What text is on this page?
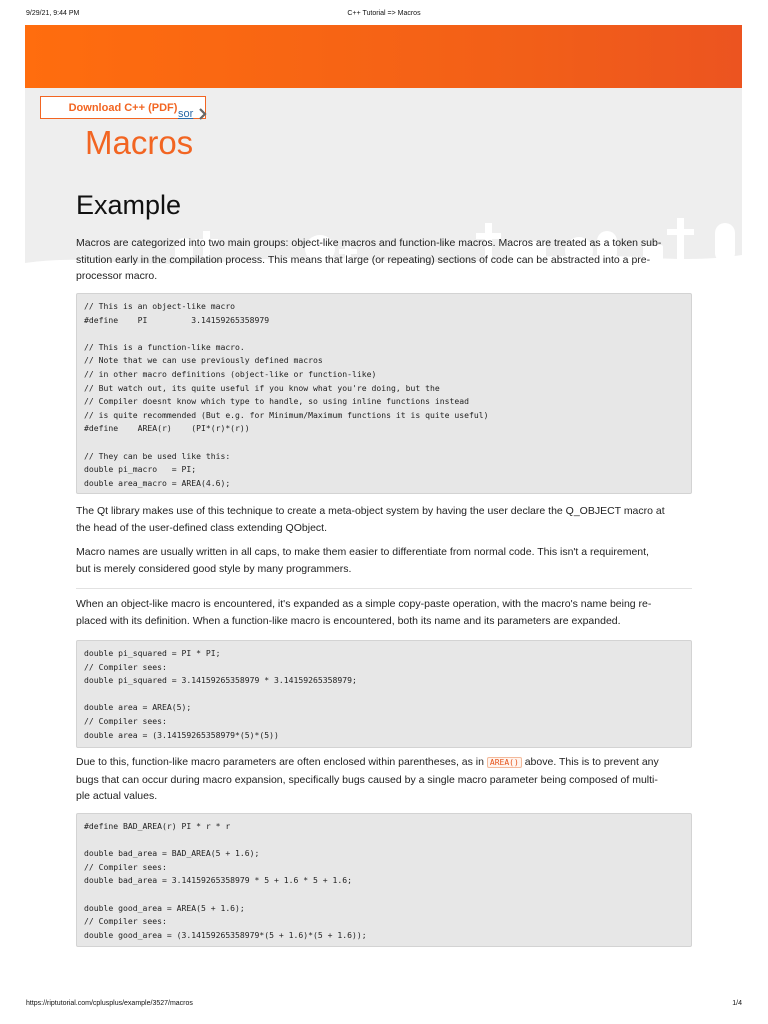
9/29/21, 9:44 PM	C++ Tutorial => Macros
Download C++ (PDF)
sor
Macros
Example

Macros are categorized into two main groups: object-like macros and function-like macros. Macros are treated as a token sub-
stitution early in the compilation process. This means that large (or repeating) sections of code can be abstracted into a pre-
processor macro.

// This is an object-like macro
#define    PI         3.14159265358979
// This is a function-like macro.
// Note that we can use previously defined macros
// in other macro definitions (object-like or function-like)
// But watch out, its quite useful if you know what you're doing, but the
// Compiler doesnt know which type to handle, so using inline functions instead
// is quite recommended (But e.g. for Minimum/Maximum functions it is quite useful)
#define    AREA(r)    (PI*(r)*(r))
// They can be used like this:
double pi_macro   = PI;
double area_macro = AREA(4.6);

The Qt library makes use of this technique to create a meta-object system by having the user declare the Q_OBJECT macro at
the head of the user-defined class extending QObject.

Macro names are usually written in all caps, to make them easier to differentiate from normal code. This isn't a requirement,
but is merely considered good style by many programmers.

When an object-like macro is encountered, it's expanded as a simple copy-paste operation, with the macro's name being re-
placed with its definition. When a function-like macro is encountered, both its name and its parameters are expanded.

double pi_squared = PI * PI;
// Compiler sees:
double pi_squared = 3.14159265358979 * 3.14159265358979;
double area = AREA(5);
// Compiler sees:
double area = (3.14159265358979*(5)*(5))

Due to this, function-like macro parameters are often enclosed within parentheses, as in AREA() above. This is to prevent any
bugs that can occur during macro expansion, specifically bugs caused by a single macro parameter being composed of multi-
ple actual values.

#define BAD_AREA(r) PI * r * r
double bad_area = BAD_AREA(5 + 1.6);
// Compiler sees:
double bad_area = 3.14159265358979 * 5 + 1.6 * 5 + 1.6;
double good_area = AREA(5 + 1.6);
// Compiler sees:
double good_area = (3.14159265358979*(5 + 1.6)*(5 + 1.6));
https://riptutorial.com/cplusplus/example/3527/macros	1/4
